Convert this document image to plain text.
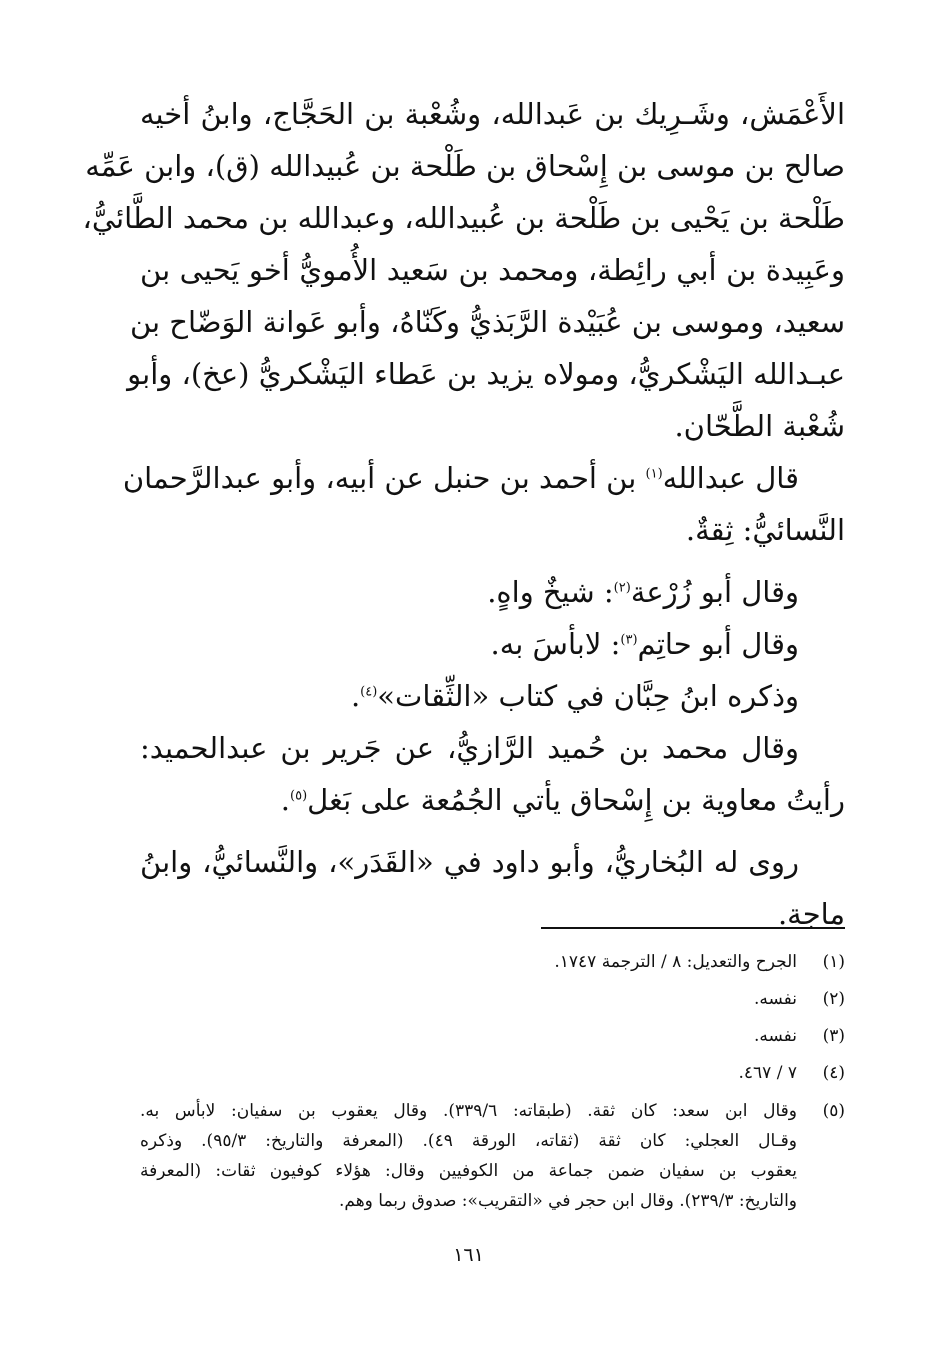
الأَعْمَش، وشَـرِيك بن عَبدالله، وشُعْبة بن الحَجَّاج، وابنُ أخيه
صالح بن موسى بن إِسْحاق بن طَلْحة بن عُبيدالله (ق)، وابن عَمِّه
طَلْحة بن يَحْيى بن طَلْحة بن عُبيدالله، وعبدالله بن محمد الطَّائيُّ،
وعَبِيدة بن أبي رائِطة، ومحمد بن سَعيد الأُمويُّ أخو يَحيى بن
سعيد، وموسى بن عُبَيْدة الرَّبَذيُّ وكَنّاهُ، وأبو عَوانة الوَضّاح بن
عبـدالله اليَشْكريُّ، ومولاه يزيد بن عَطاء اليَشْكريُّ (عخ)، وأبو
شُعْبة الطَّحّان.
قال عبدالله$^{(١)}$ بن أحمد بن حنبل عن أبيه، وأبو عبدالرَّحمان
النَّسائيُّ: ثِقةٌ.
وقال أبو زُرْعة$^{(٢)}$: شيخٌ واهٍ.
وقال أبو حاتِم$^{(٣)}$: لابأسَ به.
وذكره ابنُ حِبَّان في كتاب «الثِّقات»$^{(٤)}$.
وقال محمد بن حُميد الرَّازيُّ، عن جَرير بن عبدالحميد:
رأيتُ معاوية بن إِسْحاق يأتي الجُمُعة على بَغل$^{(٥)}$.
روى له البُخاريُّ، وأبو داود في «القَدَر»، والنَّسائيُّ، وابنُ
ماجة.
(١)
الجرح والتعديل: ٨ / الترجمة ١٧٤٧.
(٢)
نفسه.
(٣)
نفسه.
(٤)
٧ / ٤٦٧.
(٥)
وقال ابن سعد: كان ثقة. (طبقاته: ٣٣٩/٦). وقال يعقوب بن سفيان: لابأس به.
وقـال العجلي: كان ثقة (ثقاته، الورقة ٤٩). (المعرفة والتاريخ: ٩٥/٣). وذكره
يعقوب بن سفيان ضمن جماعة من الكوفيين وقال: هؤلاء كوفيون ثقات: (المعرفة
والتاريخ: ٢٣٩/٣). وقال ابن حجر في «التقريب»: صدوق ربما وهم.
١٦١
